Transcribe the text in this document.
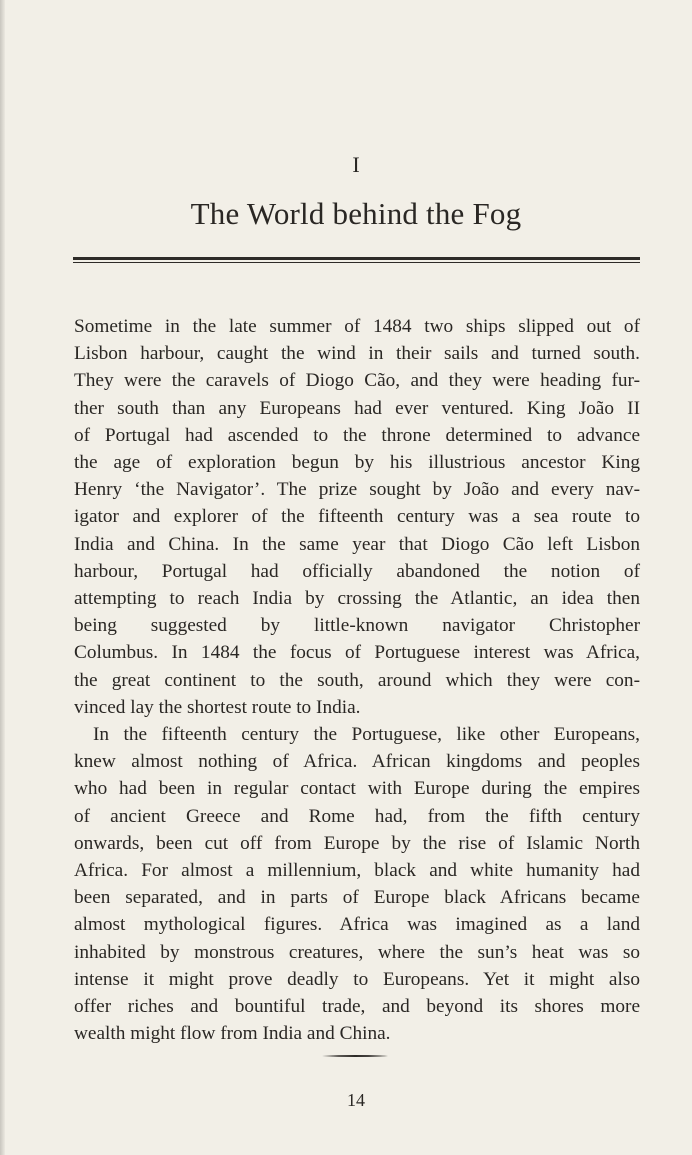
I
The World behind the Fog
Sometime in the late summer of 1484 two ships slipped out of
Lisbon harbour, caught the wind in their sails and turned south.
They were the caravels of Diogo Cão, and they were heading fur-
ther south than any Europeans had ever ventured. King João II
of Portugal had ascended to the throne determined to advance
the age of exploration begun by his illustrious ancestor King
Henry ‘the Navigator’. The prize sought by João and every nav-
igator and explorer of the fifteenth century was a sea route to
India and China. In the same year that Diogo Cão left Lisbon
harbour, Portugal had officially abandoned the notion of
attempting to reach India by crossing the Atlantic, an idea then
being suggested by little-known navigator Christopher
Columbus. In 1484 the focus of Portuguese interest was Africa,
the great continent to the south, around which they were con-
vinced lay the shortest route to India.
In the fifteenth century the Portuguese, like other Europeans,
knew almost nothing of Africa. African kingdoms and peoples
who had been in regular contact with Europe during the empires
of ancient Greece and Rome had, from the fifth century
onwards, been cut off from Europe by the rise of Islamic North
Africa. For almost a millennium, black and white humanity had
been separated, and in parts of Europe black Africans became
almost mythological figures. Africa was imagined as a land
inhabited by monstrous creatures, where the sun’s heat was so
intense it might prove deadly to Europeans. Yet it might also
offer riches and bountiful trade, and beyond its shores more
wealth might flow from India and China.
14
